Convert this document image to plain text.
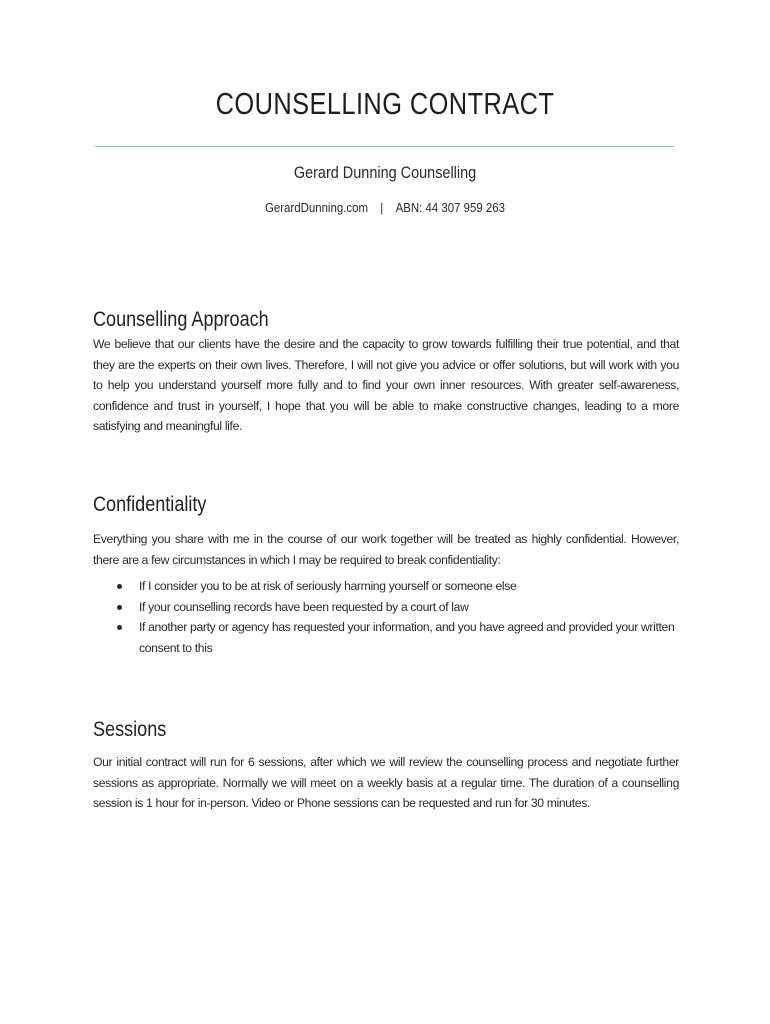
COUNSELLING CONTRACT
Gerard Dunning Counselling
GerardDunning.com | ABN: 44 307 959 263
Counselling Approach

We believe that our clients have the desire and the capacity to grow towards fulfilling their true potential, and that they are the experts on their own lives. Therefore, I will not give you advice or offer solutions, but will work with you to help you understand yourself more fully and to find your own inner resources. With greater self-awareness, confidence and trust in yourself, I hope that you will be able to make constructive changes, leading to a more satisfying and meaningful life.

Confidentiality

Everything you share with me in the course of our work together will be treated as highly confidential. However, there are a few circumstances in which I may be required to break confidentiality:

If I consider you to be at risk of seriously harming yourself or someone else
If your counselling records have been requested by a court of law
If another party or agency has requested your information, and you have agreed and provided your written consent to this
Sessions

Our initial contract will run for 6 sessions, after which we will review the counselling process and negotiate further sessions as appropriate. Normally we will meet on a weekly basis at a regular time. The duration of a counselling session is 1 hour for in-person. Video or Phone sessions can be requested and run for 30 minutes.
